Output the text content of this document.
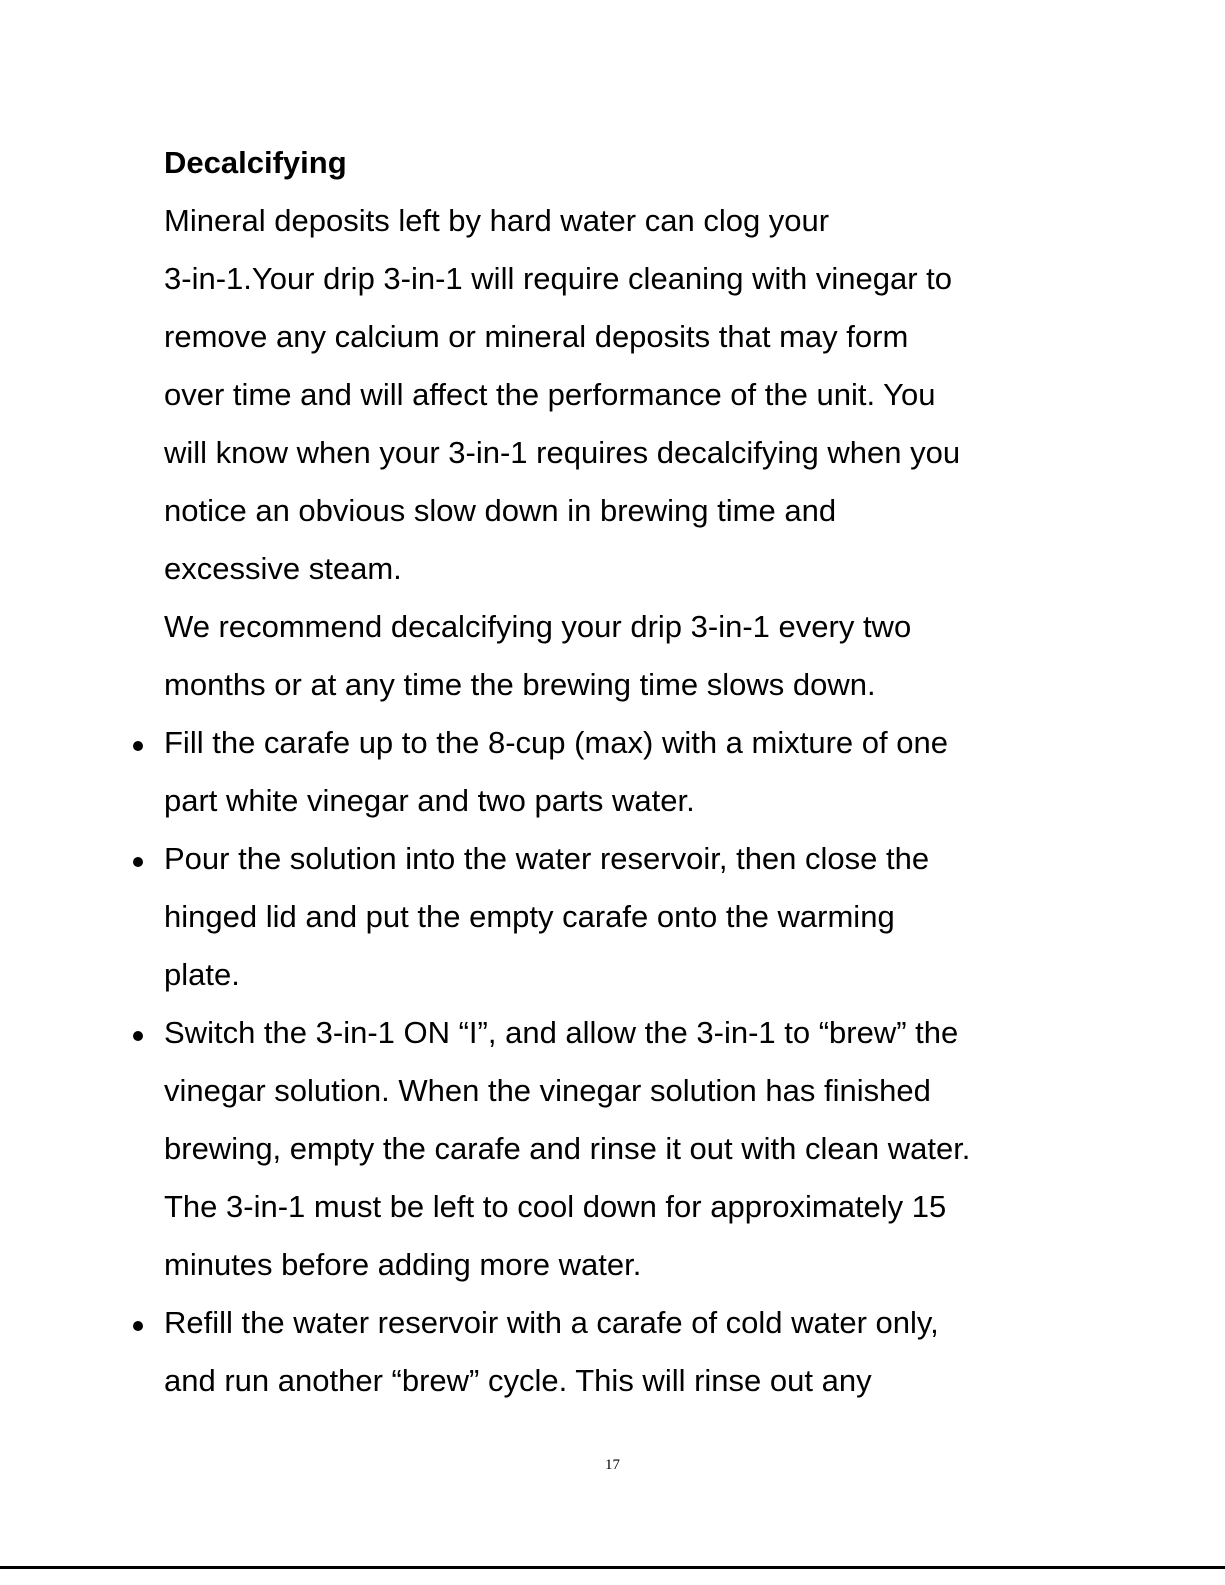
Decalcifying

Mineral deposits left by hard water can clog your

3-in-1.Your drip 3-in-1 will require cleaning with vinegar to

remove any calcium or mineral deposits that may form

over time and will affect the performance of the unit. You

will know when your 3-in-1 requires decalcifying when you

notice an obvious slow down in brewing time and

excessive steam.

We recommend decalcifying your drip 3-in-1 every two

months or at any time the brewing time slows down.

Fill the carafe up to the 8-cup (max) with a mixture of one

part white vinegar and two parts water.

Pour the solution into the water reservoir, then close the

hinged lid and put the empty carafe onto the warming

plate.

Switch the 3-in-1 ON “I”, and allow the 3-in-1 to “brew” the

vinegar solution. When the vinegar solution has finished

brewing, empty the carafe and rinse it out with clean water.

The 3-in-1 must be left to cool down for approximately 15

minutes before adding more water.

Refill the water reservoir with a carafe of cold water only,

and run another “brew” cycle. This will rinse out any

17
